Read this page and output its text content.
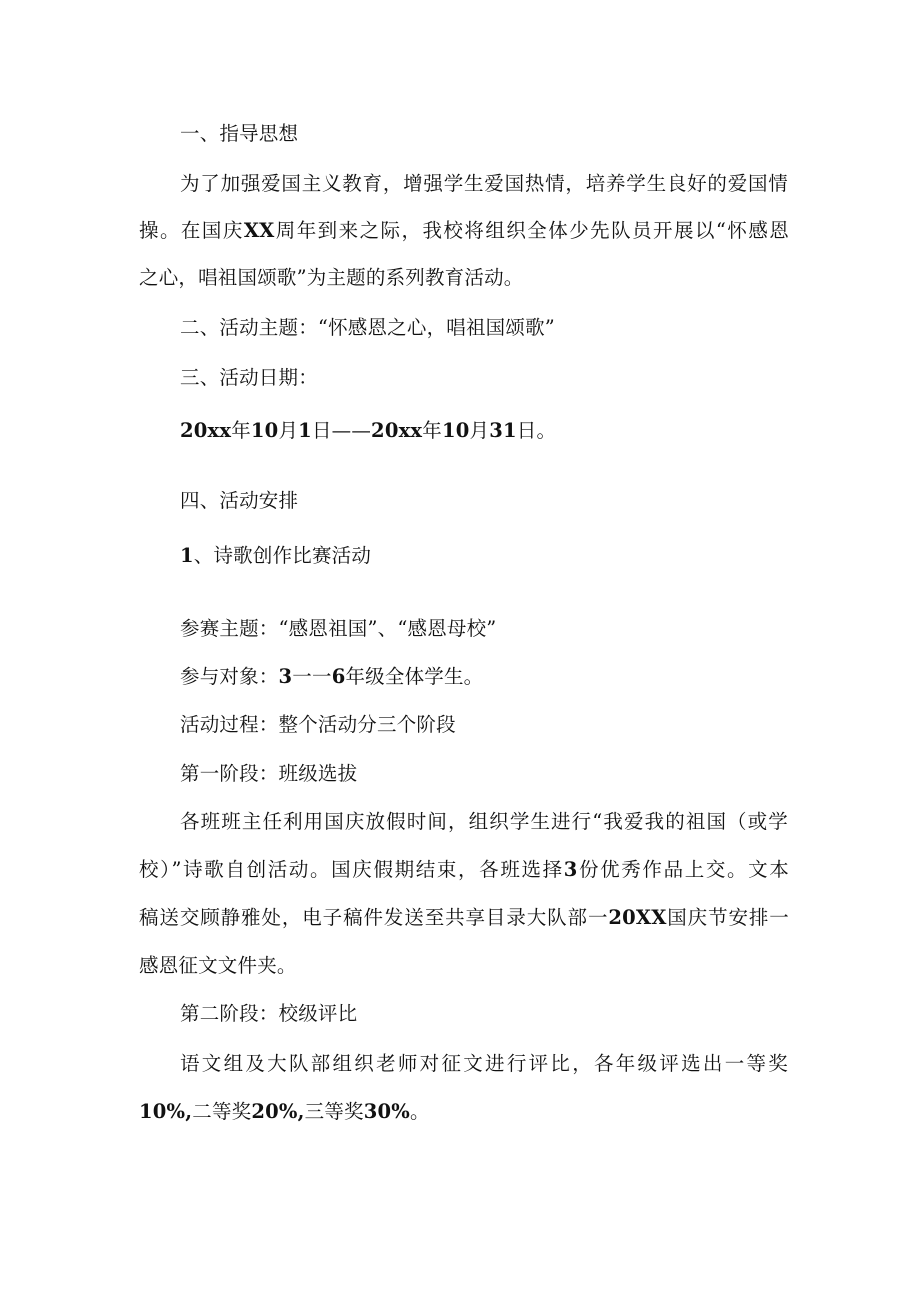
一、指导思想
为了加强爱国主义教育，增强学生爱国热情，培养学生良好的爱国情
操。在国庆XX周年到来之际，我校将组织全体少先队员开展以“怀感恩
之心，唱祖国颂歌”为主题的系列教育活动。
二、活动主题：“怀感恩之心，唱祖国颂歌”
三、活动日期：
20xx年10月1日——20xx年10月31日。
四、活动安排
1、诗歌创作比赛活动
参赛主题：“感恩祖国”、“感恩母校”
参与对象：3一一6年级全体学生。
活动过程：整个活动分三个阶段
第一阶段：班级选拔
各班班主任利用国庆放假时间，组织学生进行“我爱我的祖国（或学
校）”诗歌自创活动。国庆假期结束，各班选择3份优秀作品上交。文本
稿送交顾静雅处，电子稿件发送至共享目录大队部一20XX国庆节安排一
感恩征文文件夹。
第二阶段：校级评比
语文组及大队部组织老师对征文进行评比，各年级评选出一等奖
10%,二等奖20%,三等奖30%。
